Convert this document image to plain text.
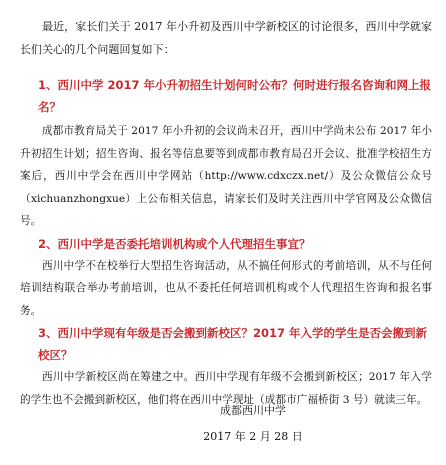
最近，家长们关于 2017 年小升初及西川中学新校区的讨论很多，西川中学就家长们关心的几个问题回复如下：

1、西川中学 2017 年小升初招生计划何时公布？何时进行报名咨询和网上报名？

成都市教育局关于 2017 年小升初的会议尚未召开，西川中学尚未公布 2017 年小升初招生计划；招生咨询、报名等信息要等到成都市教育局召开会议、批准学校招生方案后，西川中学会在西川中学网站（http://www.cdxczx.net/）及公众微信公众号（xichuanzhongxue）上公布相关信息，请家长们及时关注西川中学官网及公众微信号。

2、西川中学是否委托培训机构或个人代理招生事宜？

西川中学不在校举行大型招生咨询活动，从不搞任何形式的考前培训，从不与任何培训结构联合举办考前培训，也从不委托任何培训机构或个人代理招生咨询和报名事务。

3、西川中学现有年级是否会搬到新校区？2017 年入学的学生是否会搬到新校区？

西川中学新校区尚在筹建之中。西川中学现有年级不会搬到新校区；2017 年入学的学生也不会搬到新校区，他们将在西川中学现址（成都市广福桥街 3 号）就读三年。

成都西川中学
2017 年 2 月 28 日
